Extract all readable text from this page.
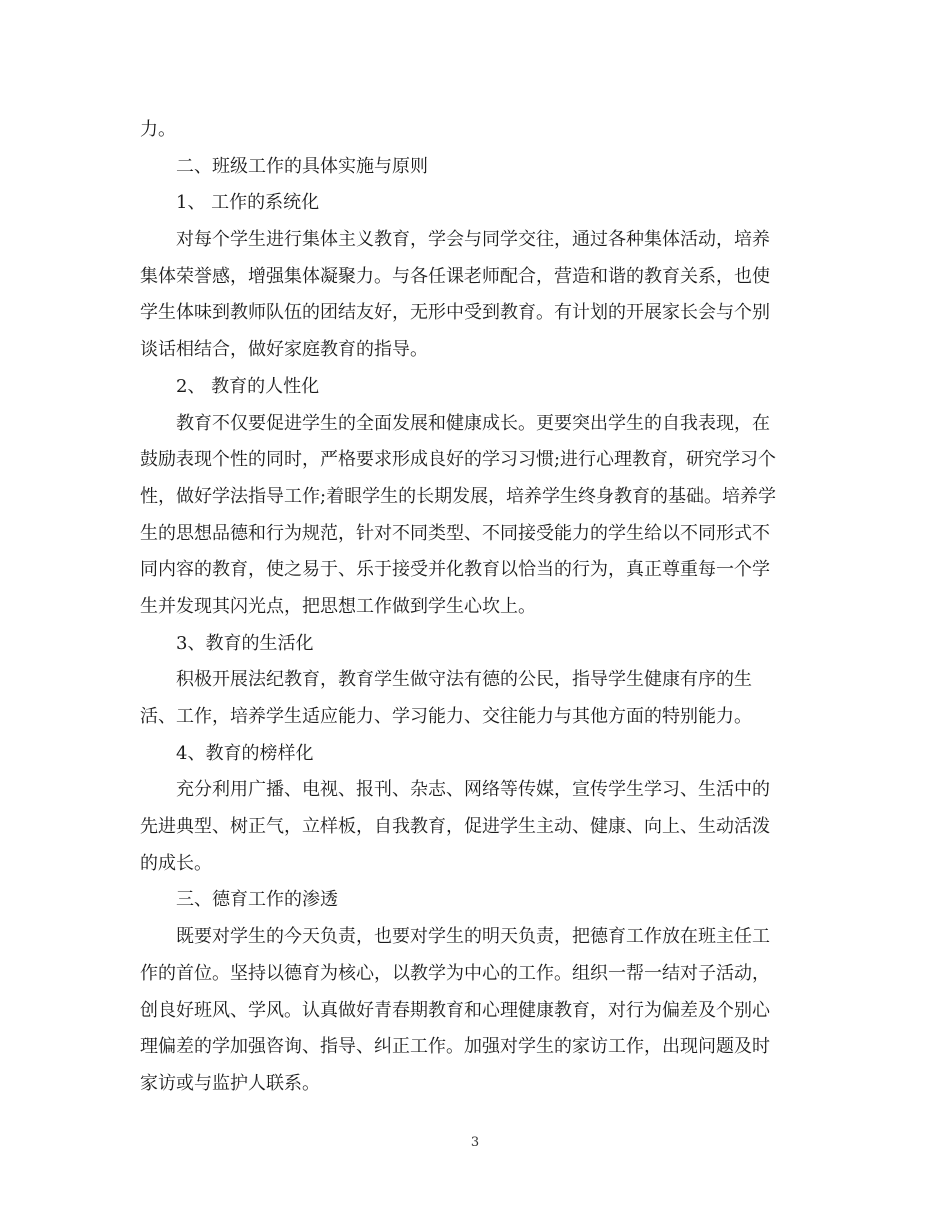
力。
二、班级工作的具体实施与原则
1、 工作的系统化
对每个学生进行集体主义教育，学会与同学交往，通过各种集体活动，培养
集体荣誉感，增强集体凝聚力。与各任课老师配合，营造和谐的教育关系，也使
学生体味到教师队伍的团结友好，无形中受到教育。有计划的开展家长会与个别
谈话相结合，做好家庭教育的指导。
2、 教育的人性化
教育不仅要促进学生的全面发展和健康成长。更要突出学生的自我表现，在
鼓励表现个性的同时，严格要求形成良好的学习习惯;进行心理教育，研究学习个
性，做好学法指导工作;着眼学生的长期发展，培养学生终身教育的基础。培养学
生的思想品德和行为规范，针对不同类型、不同接受能力的学生给以不同形式不
同内容的教育，使之易于、乐于接受并化教育以恰当的行为，真正尊重每一个学
生并发现其闪光点，把思想工作做到学生心坎上。
3、教育的生活化
积极开展法纪教育，教育学生做守法有德的公民，指导学生健康有序的生
活、工作，培养学生适应能力、学习能力、交往能力与其他方面的特别能力。
4、教育的榜样化
充分利用广播、电视、报刊、杂志、网络等传媒，宣传学生学习、生活中的
先进典型、树正气，立样板，自我教育，促进学生主动、健康、向上、生动活泼
的成长。
三、德育工作的渗透
既要对学生的今天负责，也要对学生的明天负责，把德育工作放在班主任工
作的首位。坚持以德育为核心，以教学为中心的工作。组织一帮一结对子活动，
创良好班风、学风。认真做好青春期教育和心理健康教育，对行为偏差及个别心
理偏差的学加强咨询、指导、纠正工作。加强对学生的家访工作，出现问题及时
家访或与监护人联系。
3
